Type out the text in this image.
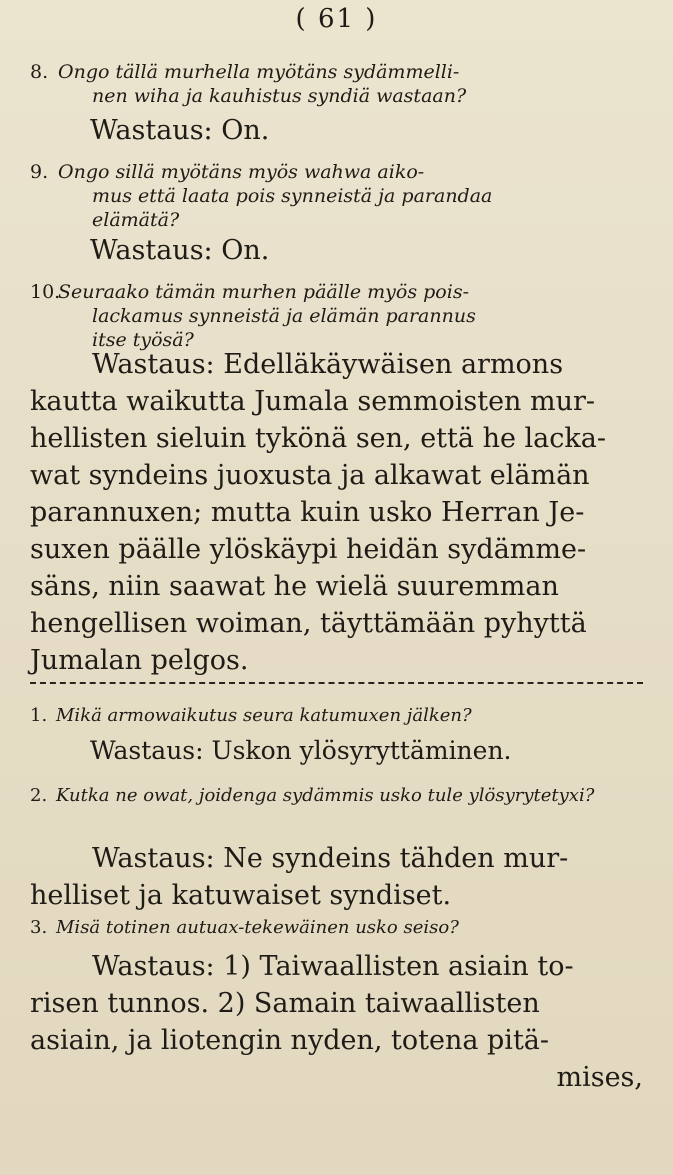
( 61 )
8. Ongo tällä murhella myötäns sydämmelli-
nen wiha ja kauhistus syndiä wastaan?
Wastaus: On.
9. Ongo sillä myötäns myös wahwa aiko-
mus että laata pois synneistä ja parandaa
elämätä?
Wastaus: On.
10.Seuraako tämän murhen päälle myös pois-
lackamus synneistä ja elämän parannus
itse työsä?
Wastaus: Edelläkäywäisen armons
kautta waikutta Jumala semmoisten mur-
hellisten sieluin tykönä sen, että he lacka-
wat syndeins juoxusta ja alkawat elämän
parannuxen; mutta kuin usko Herran Je-
suxen päälle ylöskäypi heidän sydämme-
säns, niin saawat he wielä suuremman
hengellisen woiman, täyttämään pyhyttä
Jumalan pelgos.
1. Mikä armowaikutus seura katumuxen jälken?
Wastaus: Uskon ylösyryttäminen.
2. Kutka ne owat, joidenga sydämmis usko tule ylösyrytetyxi?
Wastaus: Ne syndeins tähden mur-
helliset ja katuwaiset syndiset.
3. Misä totinen autuax-tekewäinen usko seiso?
Wastaus: 1) Taiwaallisten asiain to-
risen tunnos. 2) Samain taiwaallisten
asiain, ja liotengin nyden, totena pitä-
mises,
